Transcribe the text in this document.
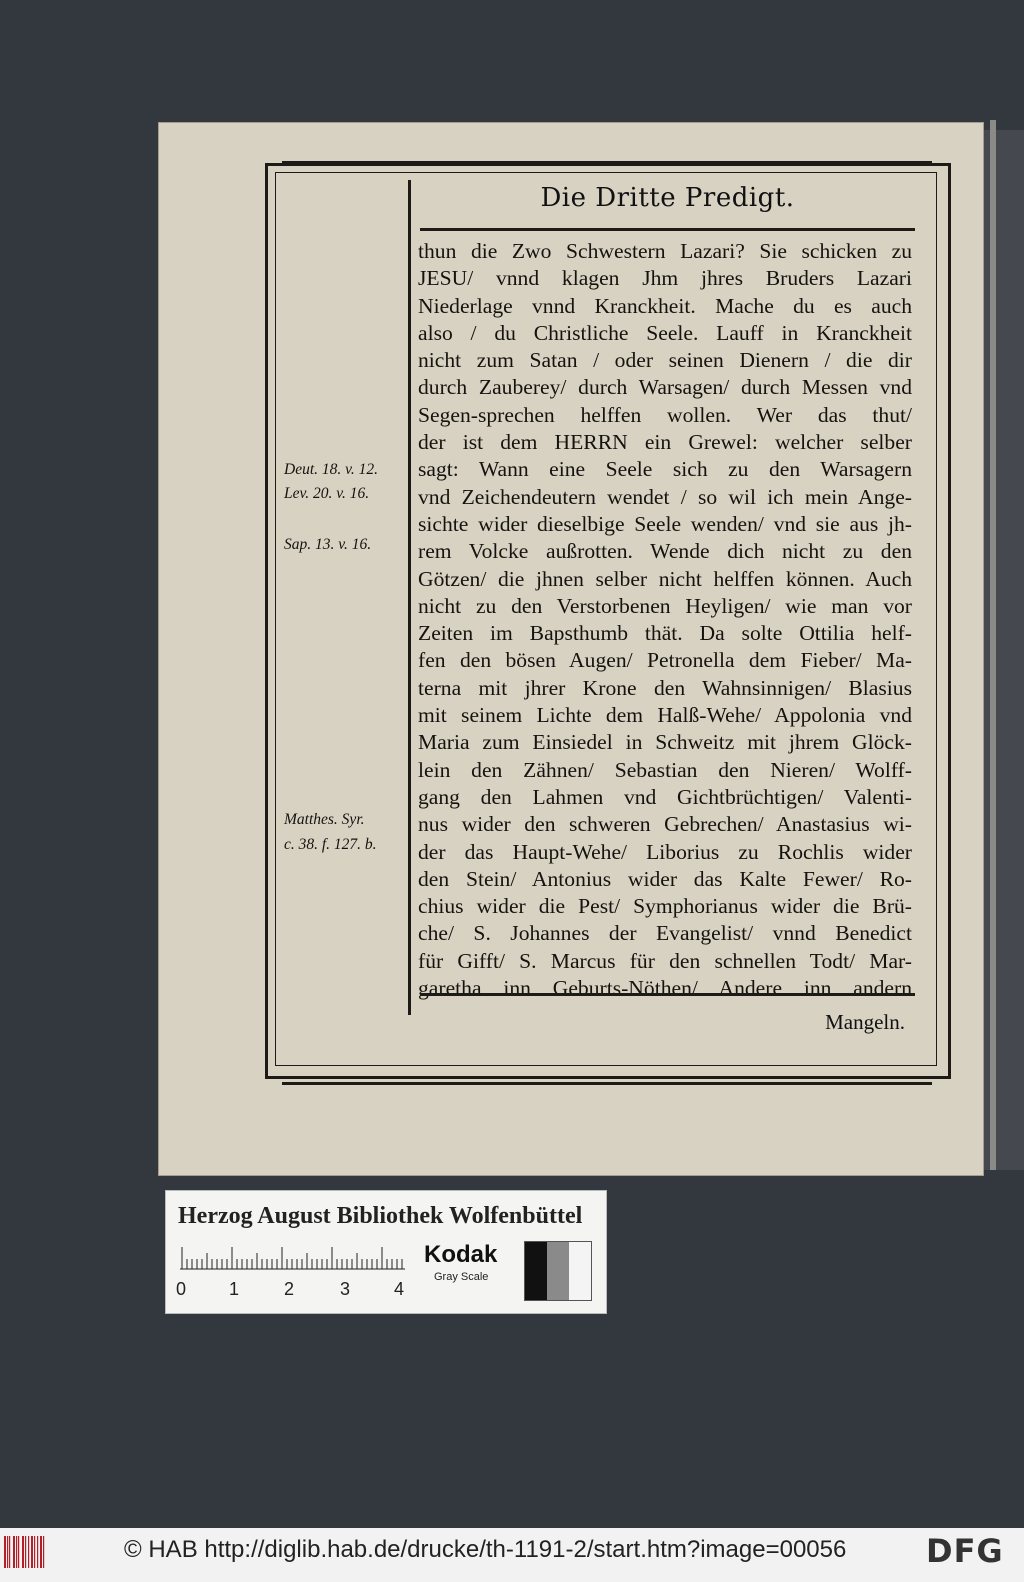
Die Dritte Predigt.
thun die Zwo Schwestern Lazari? Sie schicken zu
JESU/ vnnd klagen Jhm jhres Bruders Lazari
Niederlage vnnd Kranckheit. Mache du es auch
also / du Christliche Seele. Lauff in Kranckheit
nicht zum Satan / oder seinen Dienern / die dir
durch Zauberey/ durch Warsagen/ durch Messen vnd
Segen-sprechen helffen wollen. Wer das thut/
der ist dem HERRN ein Grewel: welcher selber
sagt: Wann eine Seele sich zu den Warsagern
vnd Zeichendeutern wendet / so wil ich mein Ange-
sichte wider dieselbige Seele wenden/ vnd sie aus jh-
rem Volcke außrotten. Wende dich nicht zu den
Götzen/ die jhnen selber nicht helffen können. Auch
nicht zu den Verstorbenen Heyligen/ wie man vor
Zeiten im Bapsthumb thät. Da solte Ottilia helf-
fen den bösen Augen/ Petronella dem Fieber/ Ma-
terna mit jhrer Krone den Wahnsinnigen/ Blasius
mit seinem Lichte dem Halß-Wehe/ Appolonia vnd
Maria zum Einsiedel in Schweitz mit jhrem Glöck-
lein den Zähnen/ Sebastian den Nieren/ Wolff-
gang den Lahmen vnd Gichtbrüchtigen/ Valenti-
nus wider den schweren Gebrechen/ Anastasius wi-
der das Haupt-Wehe/ Liborius zu Rochlis wider
den Stein/ Antonius wider das Kalte Fewer/ Ro-
chius wider die Pest/ Symphorianus wider die Brü-
che/ S. Johannes der Evangelist/ vnnd Benedict
für Gifft/ S. Marcus für den schnellen Todt/ Mar-
garetha inn Geburts-Nöthen/ Andere inn andern
Deut. 18. v. 12.
Lev. 20. v. 16.
Sap. 13. v. 16.
Matthes. Syr.
c. 38. f. 127. b.
Mangeln.
Herzog August Bibliothek Wolfenbüttel
0 1 2	3 4
Kodak
Gray Scale
© HAB http://diglib.hab.de/drucke/th-1191-2/start.htm?image=00056 DFG
